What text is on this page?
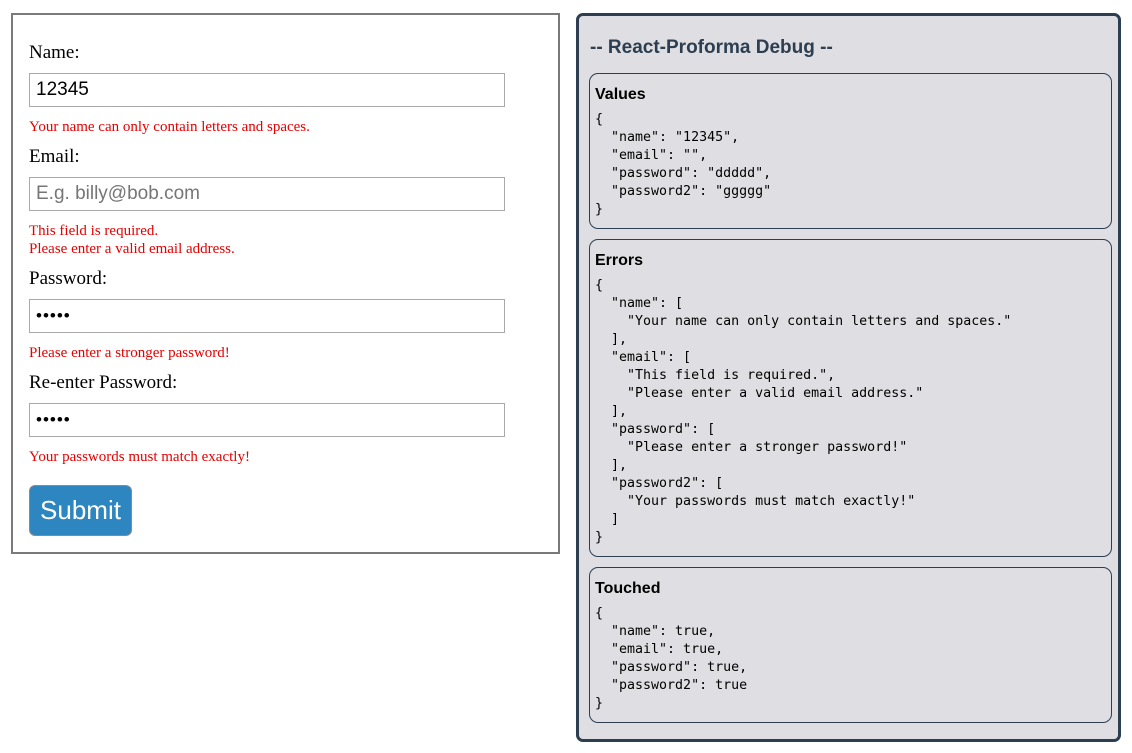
Name:
12345
Your name can only contain letters and spaces.
Email:
E.g. billy@bob.com
This field is required.
Please enter a valid email address.
Password:
Please enter a stronger password!
Re-enter Password:
Your passwords must match exactly!
Submit
-- React-Proforma Debug --
Values
{
"name": "12345",
"email": "",
"password": "ddddd",
"password2": "ggggg"
}
Errors
{
"name": [
"Your name can only contain letters and spaces."
],
"email": [
"This field is required.",
"Please enter a valid email address."
],
"password": [
"Please enter a stronger password!"
],
"password2": [
"Your passwords must match exactly!"
]
}
Touched
{
"name": true,
"email": true,
"password": true,
"password2": true
}
